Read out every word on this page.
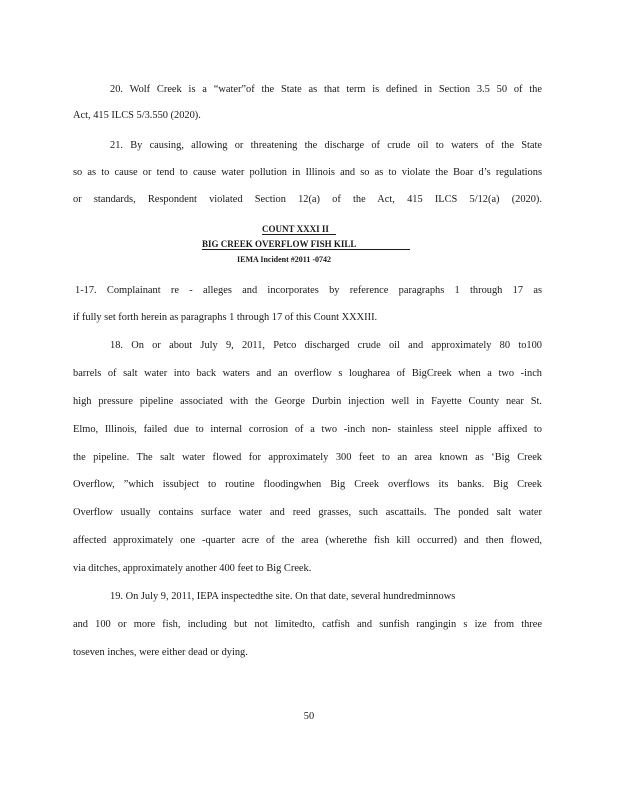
20. Wolf Creek is a “water”of the State as that term is defined in Section 3.5 50 of the
Act, 415 ILCS 5/3.550 (2020).
21. By causing, allowing or threatening the discharge of crude oil to waters of the State
so as to cause or tend to cause water pollution in Illinois and so as to violate the Boar d’s regulations
or standards, Respondent violated Section 12(a) of the Act, 415 ILCS 5/12(a) (2020).
COUNT XXXI II
BIG CREEK OVERFLOW FISH KILL
IEMA Incident #2011 -0742
1-17. Complainant re - alleges and incorporates by reference paragraphs 1 through 17 as
if fully set forth herein as paragraphs 1 through 17 of this Count XXXIII.
18. On or about July 9, 2011, Petco discharged crude oil and approximately 80 to100
barrels of salt water into back waters and an overflow s lougharea of BigCreek when a two -inch
high pressure pipeline associated with the George Durbin injection well in Fayette County near St.
Elmo, Illinois, failed due to internal corrosion of a two -inch non- stainless steel nipple affixed to
the pipeline. The salt water flowed for approximately 300 feet to an area known as ‘Big Creek
Overflow, ”which issubject to routine floodingwhen Big Creek overflows its banks. Big Creek
Overflow usually contains surface water and reed grasses, such ascattails. The ponded salt water
affected approximately one -quarter acre of the area (wherethe fish kill occurred) and then flowed,
via ditches, approximately another 400 feet to Big Creek.
19. On July 9, 2011, IEPA inspectedthe site. On that date, several hundredminnows
and 100 or more fish, including but not limitedto, catfish and sunfish rangingin s ize from three
toseven inches, were either dead or dying.
50
